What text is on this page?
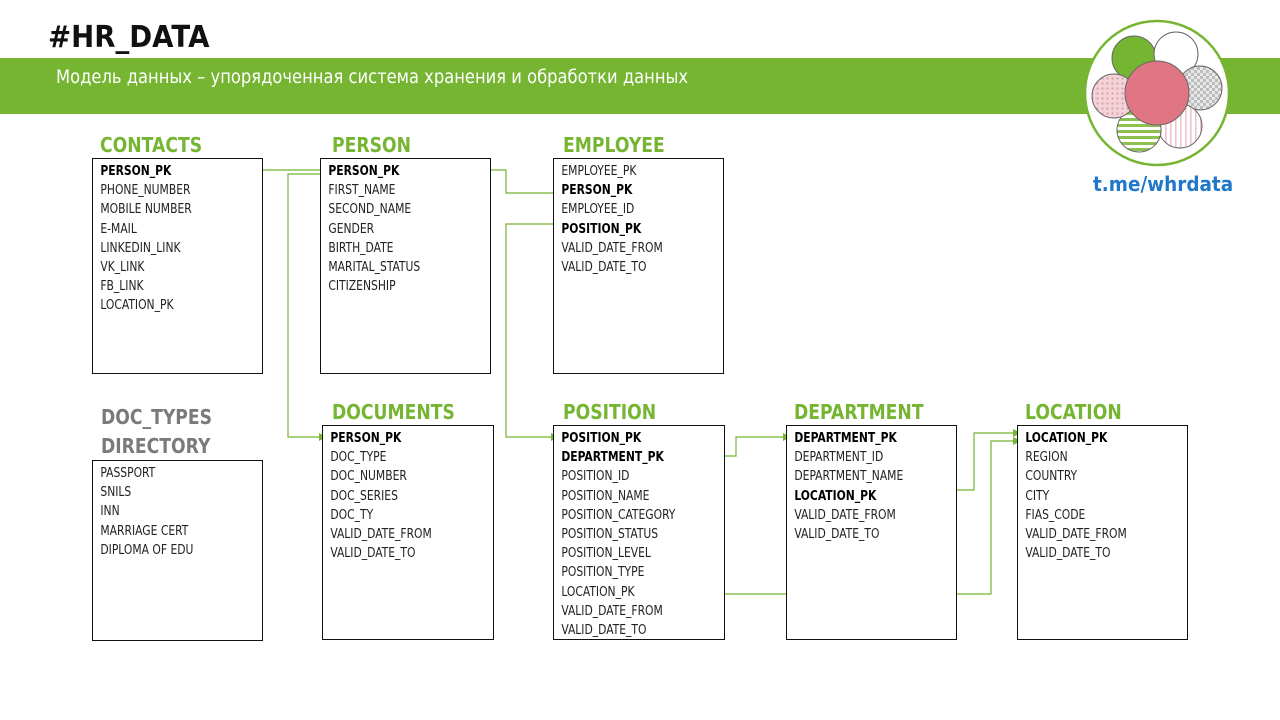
#HR_DATA
Модель данных – упорядоченная система хранения и обработки данных
t.me/whrdata
CONTACTS
PERSON_PK
PHONE_NUMBER
MOBILE NUMBER
E-MAIL
LINKEDIN_LINK
VK_LINK
FB_LINK
LOCATION_PK
PERSON
PERSON_PK
FIRST_NAME
SECOND_NAME
GENDER
BIRTH_DATE
MARITAL_STATUS
CITIZENSHIP
EMPLOYEE
EMPLOYEE_PK
PERSON_PK
EMPLOYEE_ID
POSITION_PK
VALID_DATE_FROM
VALID_DATE_TO
DOC_TYPES
DIRECTORY
PASSPORT
SNILS
INN
MARRIAGE CERT
DIPLOMA OF EDU
DOCUMENTS
PERSON_PK
DOC_TYPE
DOC_NUMBER
DOC_SERIES
DOC_TY
VALID_DATE_FROM
VALID_DATE_TO
POSITION
POSITION_PK
DEPARTMENT_PK
POSITION_ID
POSITION_NAME
POSITION_CATEGORY
POSITION_STATUS
POSITION_LEVEL
POSITION_TYPE
LOCATION_PK
VALID_DATE_FROM
VALID_DATE_TO
DEPARTMENT
DEPARTMENT_PK
DEPARTMENT_ID
DEPARTMENT_NAME
LOCATION_PK
VALID_DATE_FROM
VALID_DATE_TO
LOCATION
LOCATION_PK
REGION
COUNTRY
CITY
FIAS_CODE
VALID_DATE_FROM
VALID_DATE_TO
